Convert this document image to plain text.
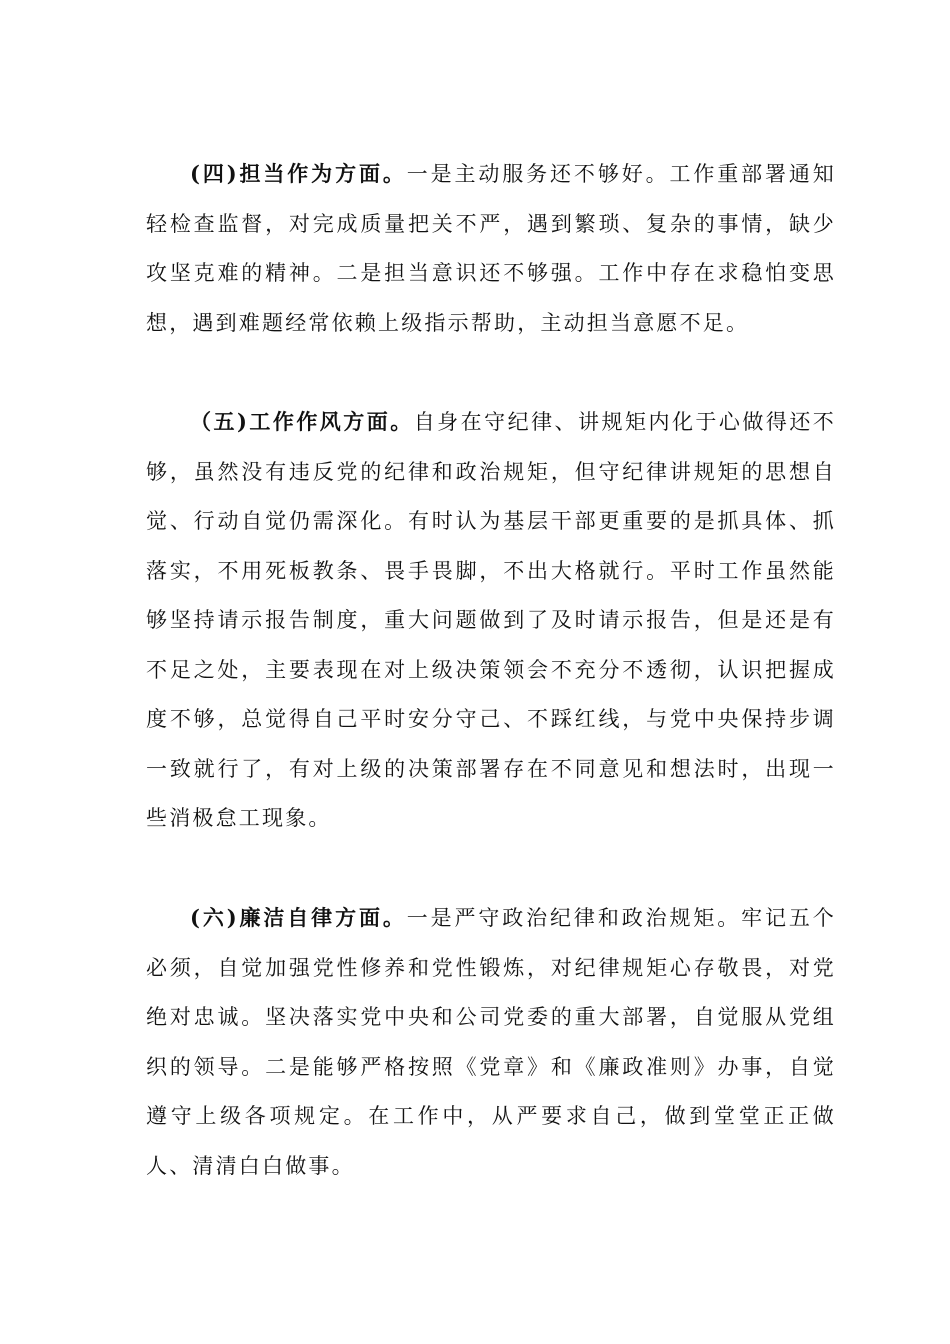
(四)担当作为方面。一是主动服务还不够好。工作重部署通知轻检查监督，对完成质量把关不严，遇到繁琐、复杂的事情，缺少攻坚克难的精神。二是担当意识还不够强。工作中存在求稳怕变思想，遇到难题经常依赖上级指示帮助，主动担当意愿不足。

（五)工作作风方面。自身在守纪律、讲规矩内化于心做得还不够，虽然没有违反党的纪律和政治规矩，但守纪律讲规矩的思想自觉、行动自觉仍需深化。有时认为基层干部更重要的是抓具体、抓落实，不用死板教条、畏手畏脚，不出大格就行。平时工作虽然能够坚持请示报告制度，重大问题做到了及时请示报告，但是还是有不足之处，主要表现在对上级决策领会不充分不透彻，认识把握成度不够，总觉得自己平时安分守己、不踩红线，与党中央保持步调一致就行了，有对上级的决策部署存在不同意见和想法时，出现一些消极怠工现象。

(六)廉洁自律方面。一是严守政治纪律和政治规矩。牢记五个必须，自觉加强党性修养和党性锻炼，对纪律规矩心存敬畏，对党绝对忠诚。坚决落实党中央和公司党委的重大部署，自觉服从党组织的领导。二是能够严格按照《党章》和《廉政准则》办事，自觉遵守上级各项规定。在工作中，从严要求自己，做到堂堂正正做人、清清白白做事。
